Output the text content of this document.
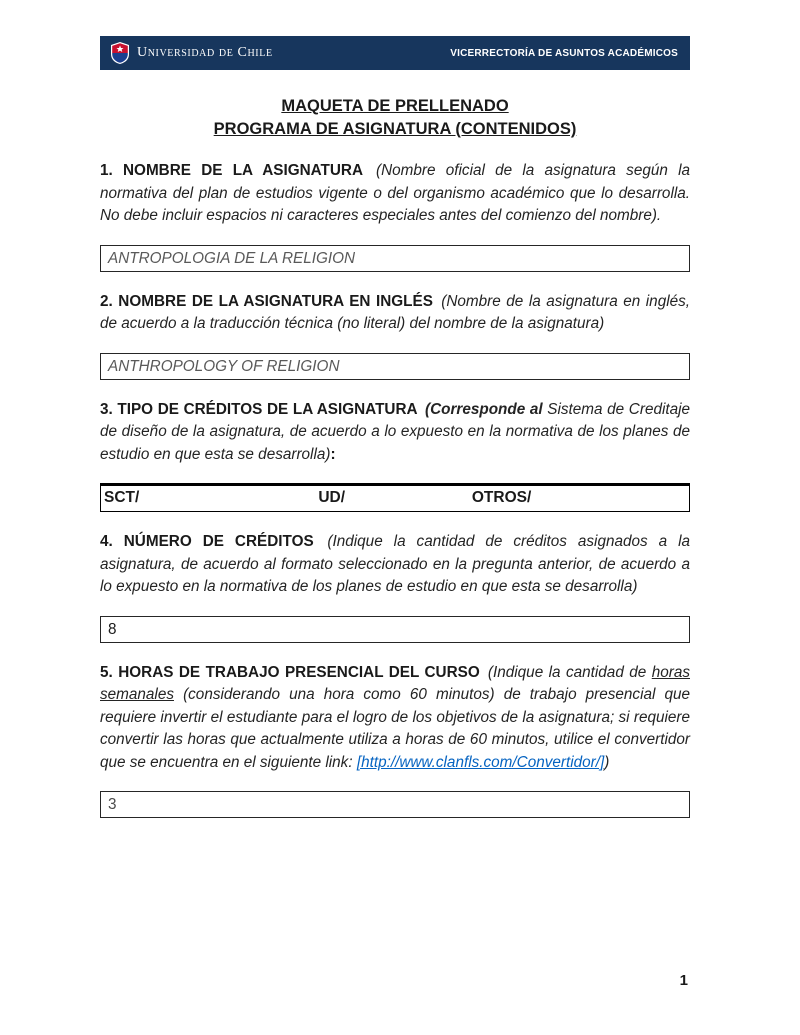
Universidad de Chile	VICERRECTORÍA DE ASUNTOS ACADÉMICOS
MAQUETA DE PRELLENADO
PROGRAMA DE ASIGNATURA (CONTENIDOS)

1. NOMBRE DE LA ASIGNATURA (Nombre oficial de la asignatura según la normativa del plan de estudios vigente o del organismo académico que lo desarrolla. No debe incluir espacios ni caracteres especiales antes del comienzo del nombre).

ANTROPOLOGIA DE LA RELIGION

2. NOMBRE DE LA ASIGNATURA EN INGLÉS (Nombre de la asignatura en inglés, de acuerdo a la traducción técnica (no literal) del nombre de la asignatura)

ANTHROPOLOGY OF RELIGION

3. TIPO DE CRÉDITOS DE LA ASIGNATURA (Corresponde al Sistema de Creditaje de diseño de la asignatura, de acuerdo a lo expuesto en la normativa de los planes de estudio en que esta se desarrolla):

SCT/	UD/	OTROS/

4. NÚMERO DE CRÉDITOS (Indique la cantidad de créditos asignados a la asignatura, de acuerdo al formato seleccionado en la pregunta anterior, de acuerdo a lo expuesto en la normativa de los planes de estudio en que esta se desarrolla)

8

5. HORAS DE TRABAJO PRESENCIAL DEL CURSO (Indique la cantidad de horas semanales (considerando una hora como 60 minutos) de trabajo presencial que requiere invertir el estudiante para el logro de los objetivos de la asignatura; si requiere convertir las horas que actualmente utiliza a horas de 60 minutos, utilice el convertidor que se encuentra en el siguiente link: [http://www.clanfls.com/Convertidor/])

3
1
